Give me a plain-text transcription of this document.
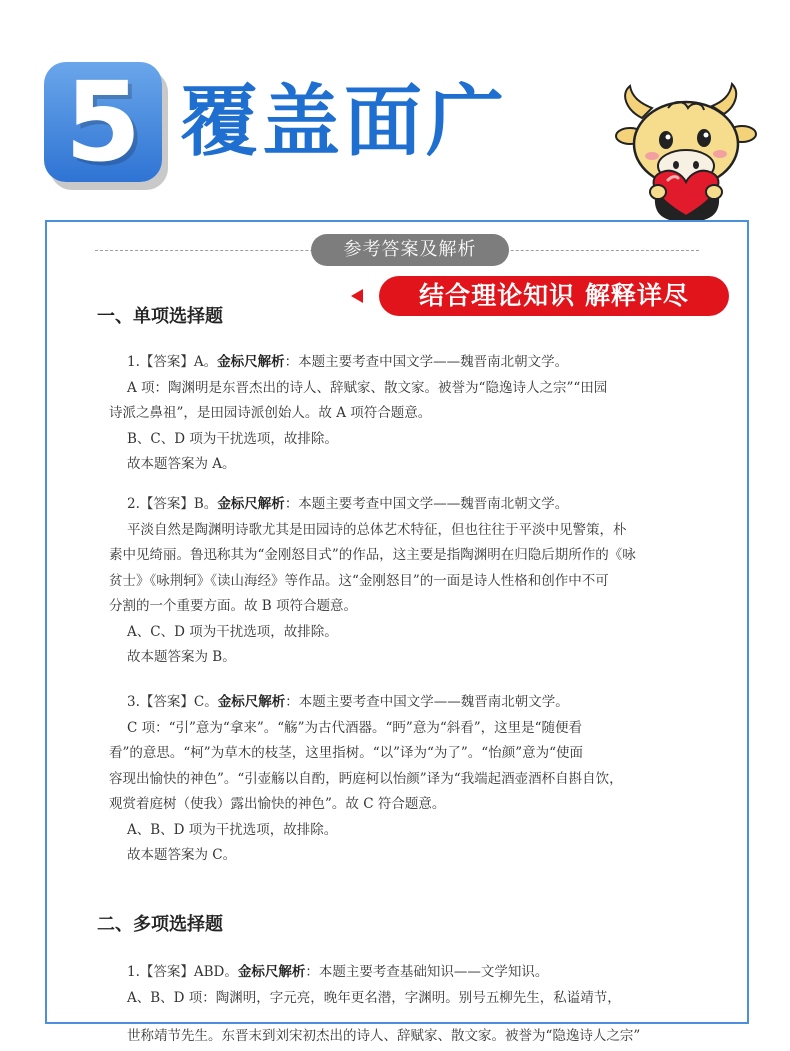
5 覆盖面广
参考答案及解析
结合理论知识 解释详尽
一、单项选择题

1.【答案】A。金标尺解析：本题主要考查中国文学——魏晋南北朝文学。

A 项：陶渊明是东晋杰出的诗人、辞赋家、散文家。被誉为“隐逸诗人之宗”“田园

诗派之鼻祖”，是田园诗派创始人。故 A 项符合题意。

B、C、D 项为干扰选项，故排除。

故本题答案为 A。

2.【答案】B。金标尺解析：本题主要考查中国文学——魏晋南北朝文学。

平淡自然是陶渊明诗歌尤其是田园诗的总体艺术特征，但也往往于平淡中见警策，朴

素中见绮丽。鲁迅称其为“金刚怒目式”的作品，这主要是指陶渊明在归隐后期所作的《咏

贫士》《咏荆轲》《读山海经》等作品。这“金刚怒目”的一面是诗人性格和创作中不可

分割的一个重要方面。故 B 项符合题意。

A、C、D 项为干扰选项，故排除。

故本题答案为 B。

3.【答案】C。金标尺解析：本题主要考查中国文学——魏晋南北朝文学。

C 项：“引”意为“拿来”。“觞”为古代酒器。“眄”意为“斜看”，这里是“随便看

看”的意思。“柯”为草木的枝茎，这里指树。“以”译为“为了”。“怡颜”意为“使面

容现出愉快的神色”。“引壶觞以自酌，眄庭柯以怡颜”译为“我端起酒壶酒杯自斟自饮，

观赏着庭树（使我）露出愉快的神色”。故 C 符合题意。

A、B、D 项为干扰选项，故排除。

故本题答案为 C。

二、多项选择题

1.【答案】ABD。金标尺解析：本题主要考查基础知识——文学知识。

A、B、D 项：陶渊明，字元亮，晚年更名潜，字渊明。别号五柳先生，私谥靖节，

世称靖节先生。东晋末到刘宋初杰出的诗人、辞赋家、散文家。被誉为“隐逸诗人之宗”
